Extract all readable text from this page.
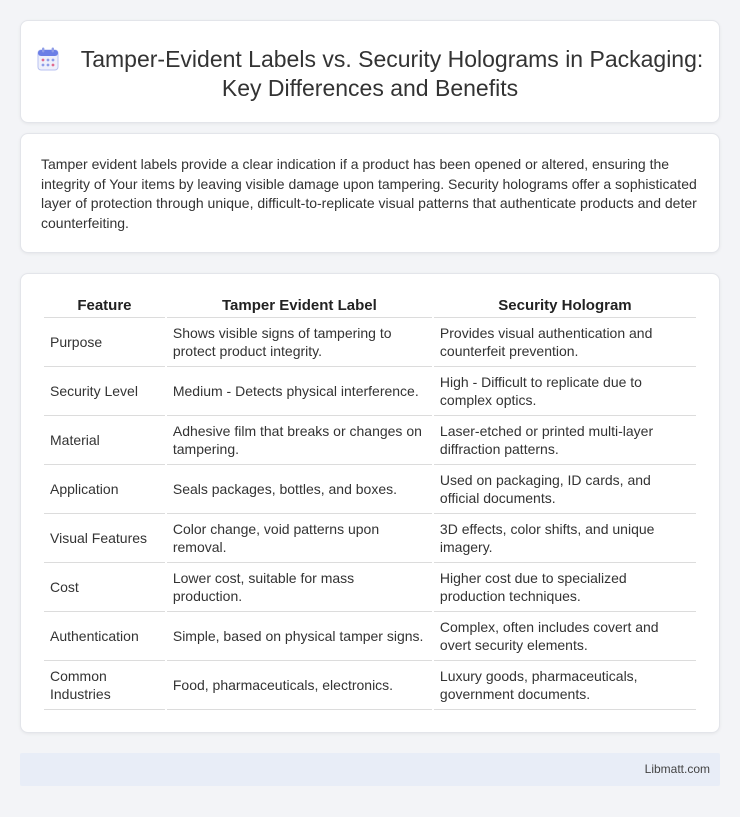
Tamper-Evident Labels vs. Security Holograms in Packaging: Key Differences and Benefits

Tamper evident labels provide a clear indication if a product has been opened or altered, ensuring the integrity of Your items by leaving visible damage upon tampering. Security holograms offer a sophisticated layer of protection through unique, difficult-to-replicate visual patterns that authenticate products and deter counterfeiting.

Feature	Tamper Evident Label	Security Hologram
Purpose	Shows visible signs of tampering to protect product integrity.	Provides visual authentication and counterfeit prevention.
Security Level	Medium - Detects physical interference.	High - Difficult to replicate due to complex optics.
Material	Adhesive film that breaks or changes on tampering.	Laser-etched or printed multi-layer diffraction patterns.
Application	Seals packages, bottles, and boxes.	Used on packaging, ID cards, and official documents.
Visual Features	Color change, void patterns upon removal.	3D effects, color shifts, and unique imagery.
Cost	Lower cost, suitable for mass production.	Higher cost due to specialized production techniques.
Authentication	Simple, based on physical tamper signs.	Complex, often includes covert and overt security elements.
Common Industries	Food, pharmaceuticals, electronics.	Luxury goods, pharmaceuticals, government documents.
Libmatt.com
